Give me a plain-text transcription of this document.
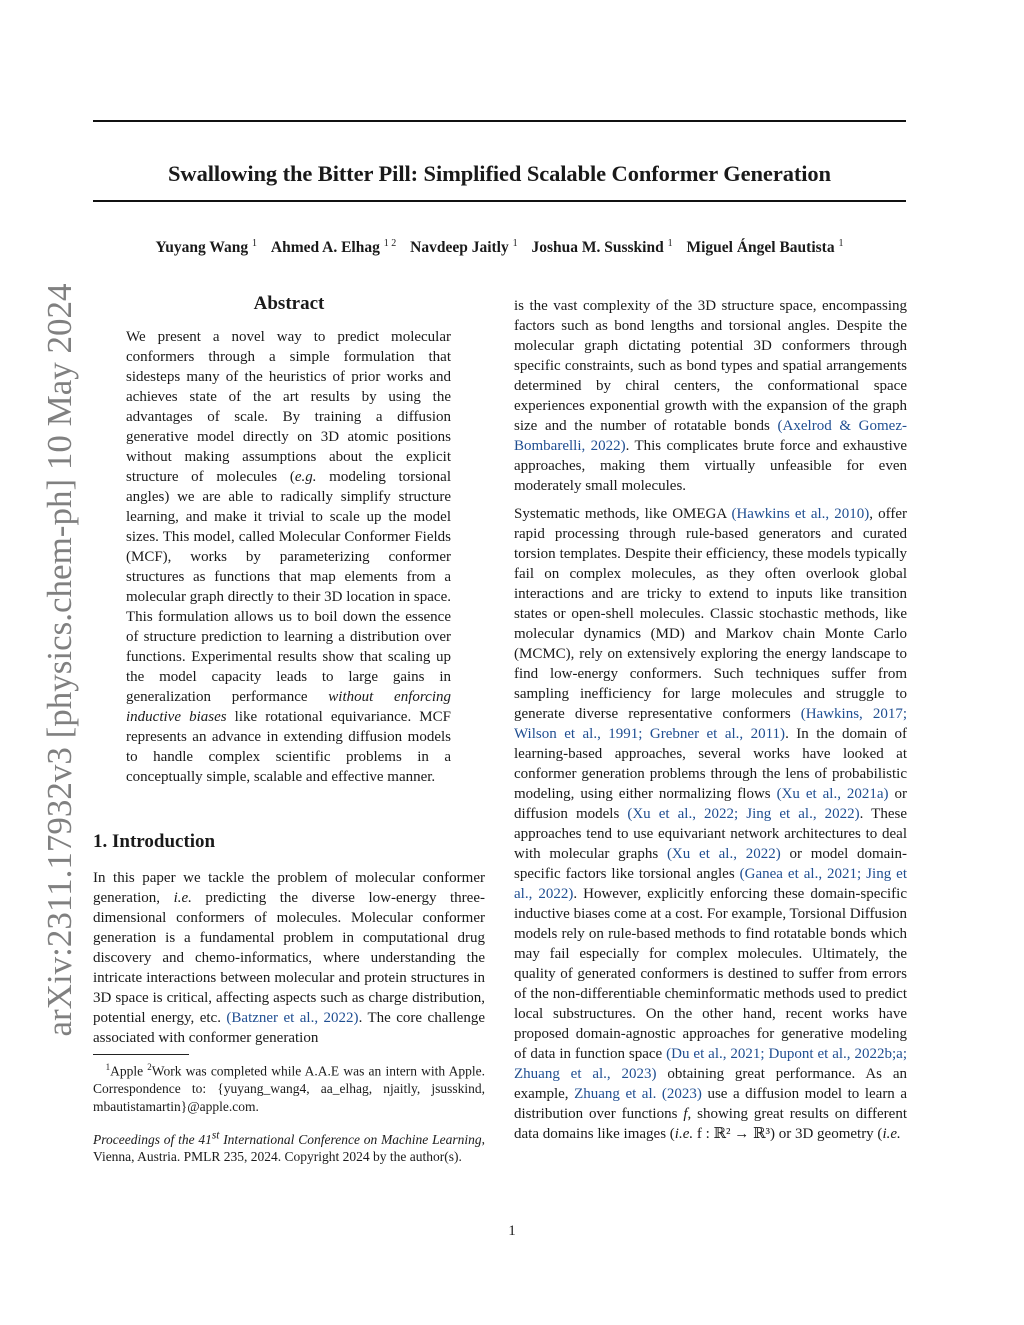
arXiv:2311.17932v3 [physics.chem-ph] 10 May 2024
Swallowing the Bitter Pill: Simplified Scalable Conformer Generation
Yuyang Wang $^1$ Ahmed A. Elhag $^{1 2}$ Navdeep Jaitly $^1$ Joshua M. Susskind $^1$ Miguel Ángel Bautista $^1$
Abstract

We present a novel way to predict molecular conformers through a simple formulation that sidesteps many of the heuristics of prior works and achieves state of the art results by using the advantages of scale. By training a diffusion generative model directly on 3D atomic positions without making assumptions about the explicit structure of molecules (e.g. modeling torsional angles) we are able to radically simplify structure learning, and make it trivial to scale up the model sizes. This model, called Molecular Conformer Fields (MCF), works by parameterizing conformer structures as functions that map elements from a molecular graph directly to their 3D location in space. This formulation allows us to boil down the essence of structure prediction to learning a distribution over functions. Experimental results show that scaling up the model capacity leads to large gains in generalization performance without enforcing inductive biases like rotational equivariance. MCF represents an advance in extending diffusion models to handle complex scientific problems in a conceptually simple, scalable and effective manner.

1. Introduction

In this paper we tackle the problem of molecular conformer generation, i.e. predicting the diverse low-energy three-dimensional conformers of molecules. Molecular conformer generation is a fundamental problem in computational drug discovery and chemo-informatics, where understanding the intricate interactions between molecular and protein structures in 3D space is critical, affecting aspects such as charge distribution, potential energy, etc. (Batzner et al., 2022). The core challenge associated with conformer generation

$^1$Apple $^2$Work was completed while A.A.E was an intern with Apple. Correspondence to: {yuyang_wang4, aa_elhag, njaitly, jsusskind, mbautistamartin}@apple.com.

Proceedings of the 41st International Conference on Machine Learning, Vienna, Austria. PMLR 235, 2024. Copyright 2024 by the author(s).

is the vast complexity of the 3D structure space, encompassing factors such as bond lengths and torsional angles. Despite the molecular graph dictating potential 3D conformers through specific constraints, such as bond types and spatial arrangements determined by chiral centers, the conformational space experiences exponential growth with the expansion of the graph size and the number of rotatable bonds (Axelrod & Gomez-Bombarelli, 2022). This complicates brute force and exhaustive approaches, making them virtually unfeasible for even moderately small molecules.

Systematic methods, like OMEGA (Hawkins et al., 2010), offer rapid processing through rule-based generators and curated torsion templates. Despite their efficiency, these models typically fail on complex molecules, as they often overlook global interactions and are tricky to extend to inputs like transition states or open-shell molecules. Classic stochastic methods, like molecular dynamics (MD) and Markov chain Monte Carlo (MCMC), rely on extensively exploring the energy landscape to find low-energy conformers. Such techniques suffer from sampling inefficiency for large molecules and struggle to generate diverse representative conformers (Hawkins, 2017; Wilson et al., 1991; Grebner et al., 2011). In the domain of learning-based approaches, several works have looked at conformer generation problems through the lens of probabilistic modeling, using either normalizing flows (Xu et al., 2021a) or diffusion models (Xu et al., 2022; Jing et al., 2022). These approaches tend to use equivariant network architectures to deal with molecular graphs (Xu et al., 2022) or model domain-specific factors like torsional angles (Ganea et al., 2021; Jing et al., 2022). However, explicitly enforcing these domain-specific inductive biases come at a cost. For example, Torsional Diffusion models rely on rule-based methods to find rotatable bonds which may fail especially for complex molecules. Ultimately, the quality of generated conformers is destined to suffer from errors of the non-differentiable cheminformatic methods used to predict local substructures. On the other hand, recent works have proposed domain-agnostic approaches for generative modeling of data in function space (Du et al., 2021; Dupont et al., 2022b;a; Zhuang et al., 2023) obtaining great performance. As an example, Zhuang et al. (2023) use a diffusion model to learn a distribution over functions f, showing great results on different data domains like images (i.e. f : ℝ² → ℝ³) or 3D geometry (i.e.

1
